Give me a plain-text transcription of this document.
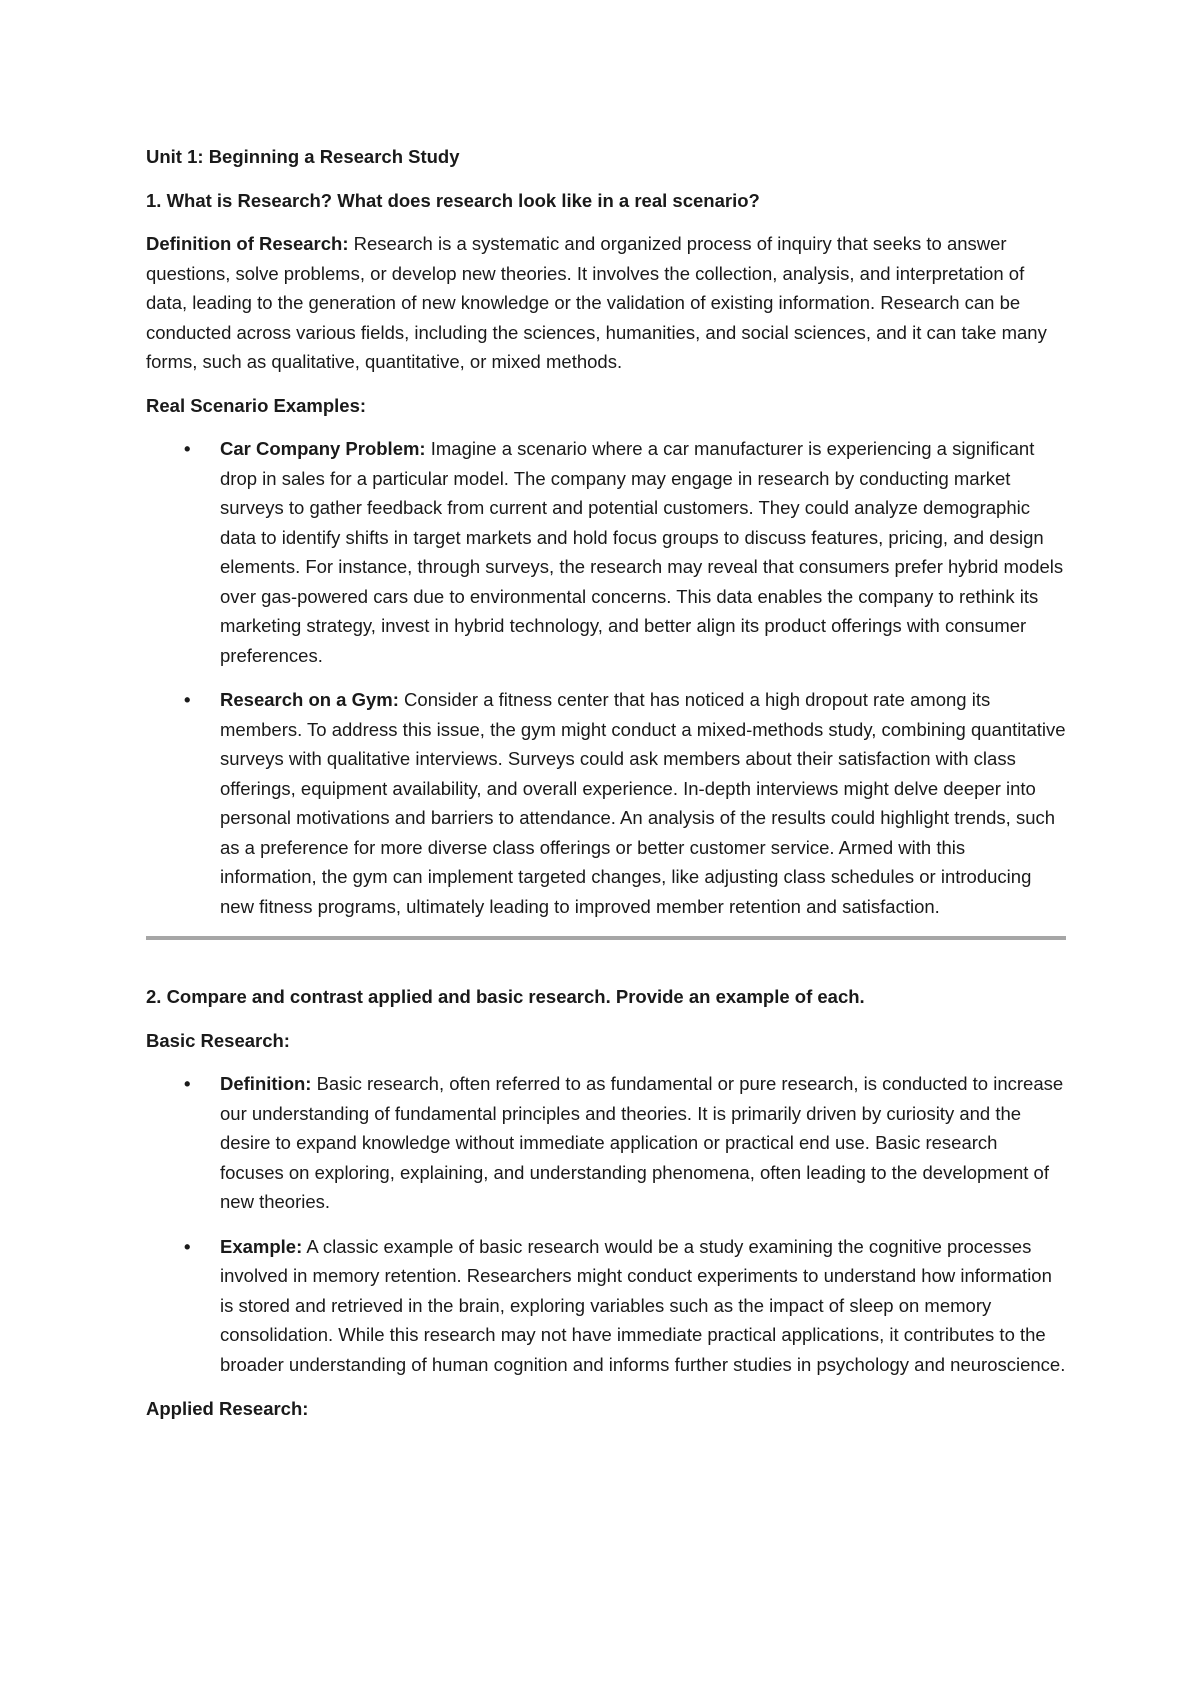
Unit 1: Beginning a Research Study
1. What is Research? What does research look like in a real scenario?

Definition of Research: Research is a systematic and organized process of inquiry that seeks to answer questions, solve problems, or develop new theories. It involves the collection, analysis, and interpretation of data, leading to the generation of new knowledge or the validation of existing information. Research can be conducted across various fields, including the sciences, humanities, and social sciences, and it can take many forms, such as qualitative, quantitative, or mixed methods.

Real Scenario Examples:
• Car Company Problem: Imagine a scenario where a car manufacturer is experiencing a significant drop in sales for a particular model. The company may engage in research by conducting market surveys to gather feedback from current and potential customers. They could analyze demographic data to identify shifts in target markets and hold focus groups to discuss features, pricing, and design elements. For instance, through surveys, the research may reveal that consumers prefer hybrid models over gas-powered cars due to environmental concerns. This data enables the company to rethink its marketing strategy, invest in hybrid technology, and better align its product offerings with consumer preferences.
• Research on a Gym: Consider a fitness center that has noticed a high dropout rate among its members. To address this issue, the gym might conduct a mixed-methods study, combining quantitative surveys with qualitative interviews. Surveys could ask members about their satisfaction with class offerings, equipment availability, and overall experience. In-depth interviews might delve deeper into personal motivations and barriers to attendance. An analysis of the results could highlight trends, such as a preference for more diverse class offerings or better customer service. Armed with this information, the gym can implement targeted changes, like adjusting class schedules or introducing new fitness programs, ultimately leading to improved member retention and satisfaction.
2. Compare and contrast applied and basic research. Provide an example of each.
Basic Research:
• Definition: Basic research, often referred to as fundamental or pure research, is conducted to increase our understanding of fundamental principles and theories. It is primarily driven by curiosity and the desire to expand knowledge without immediate application or practical end use. Basic research focuses on exploring, explaining, and understanding phenomena, often leading to the development of new theories.
• Example: A classic example of basic research would be a study examining the cognitive processes involved in memory retention. Researchers might conduct experiments to understand how information is stored and retrieved in the brain, exploring variables such as the impact of sleep on memory consolidation. While this research may not have immediate practical applications, it contributes to the broader understanding of human cognition and informs further studies in psychology and neuroscience.
Applied Research:
